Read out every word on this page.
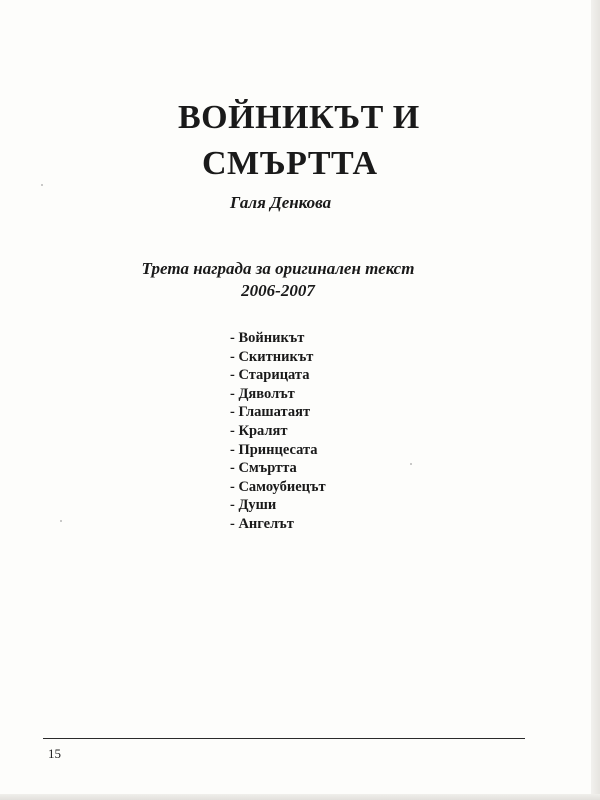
ВОЙНИКЪТ И
СМЪРТТА
Галя Денкова
Трета награда за оригинален текст
2006-2007
- Войникът
- Скитникът
- Старицата
- Дяволът
- Глашатаят
- Кралят
- Принцесата
- Смъртта
- Самоубиецът
- Души
- Ангелът
15
